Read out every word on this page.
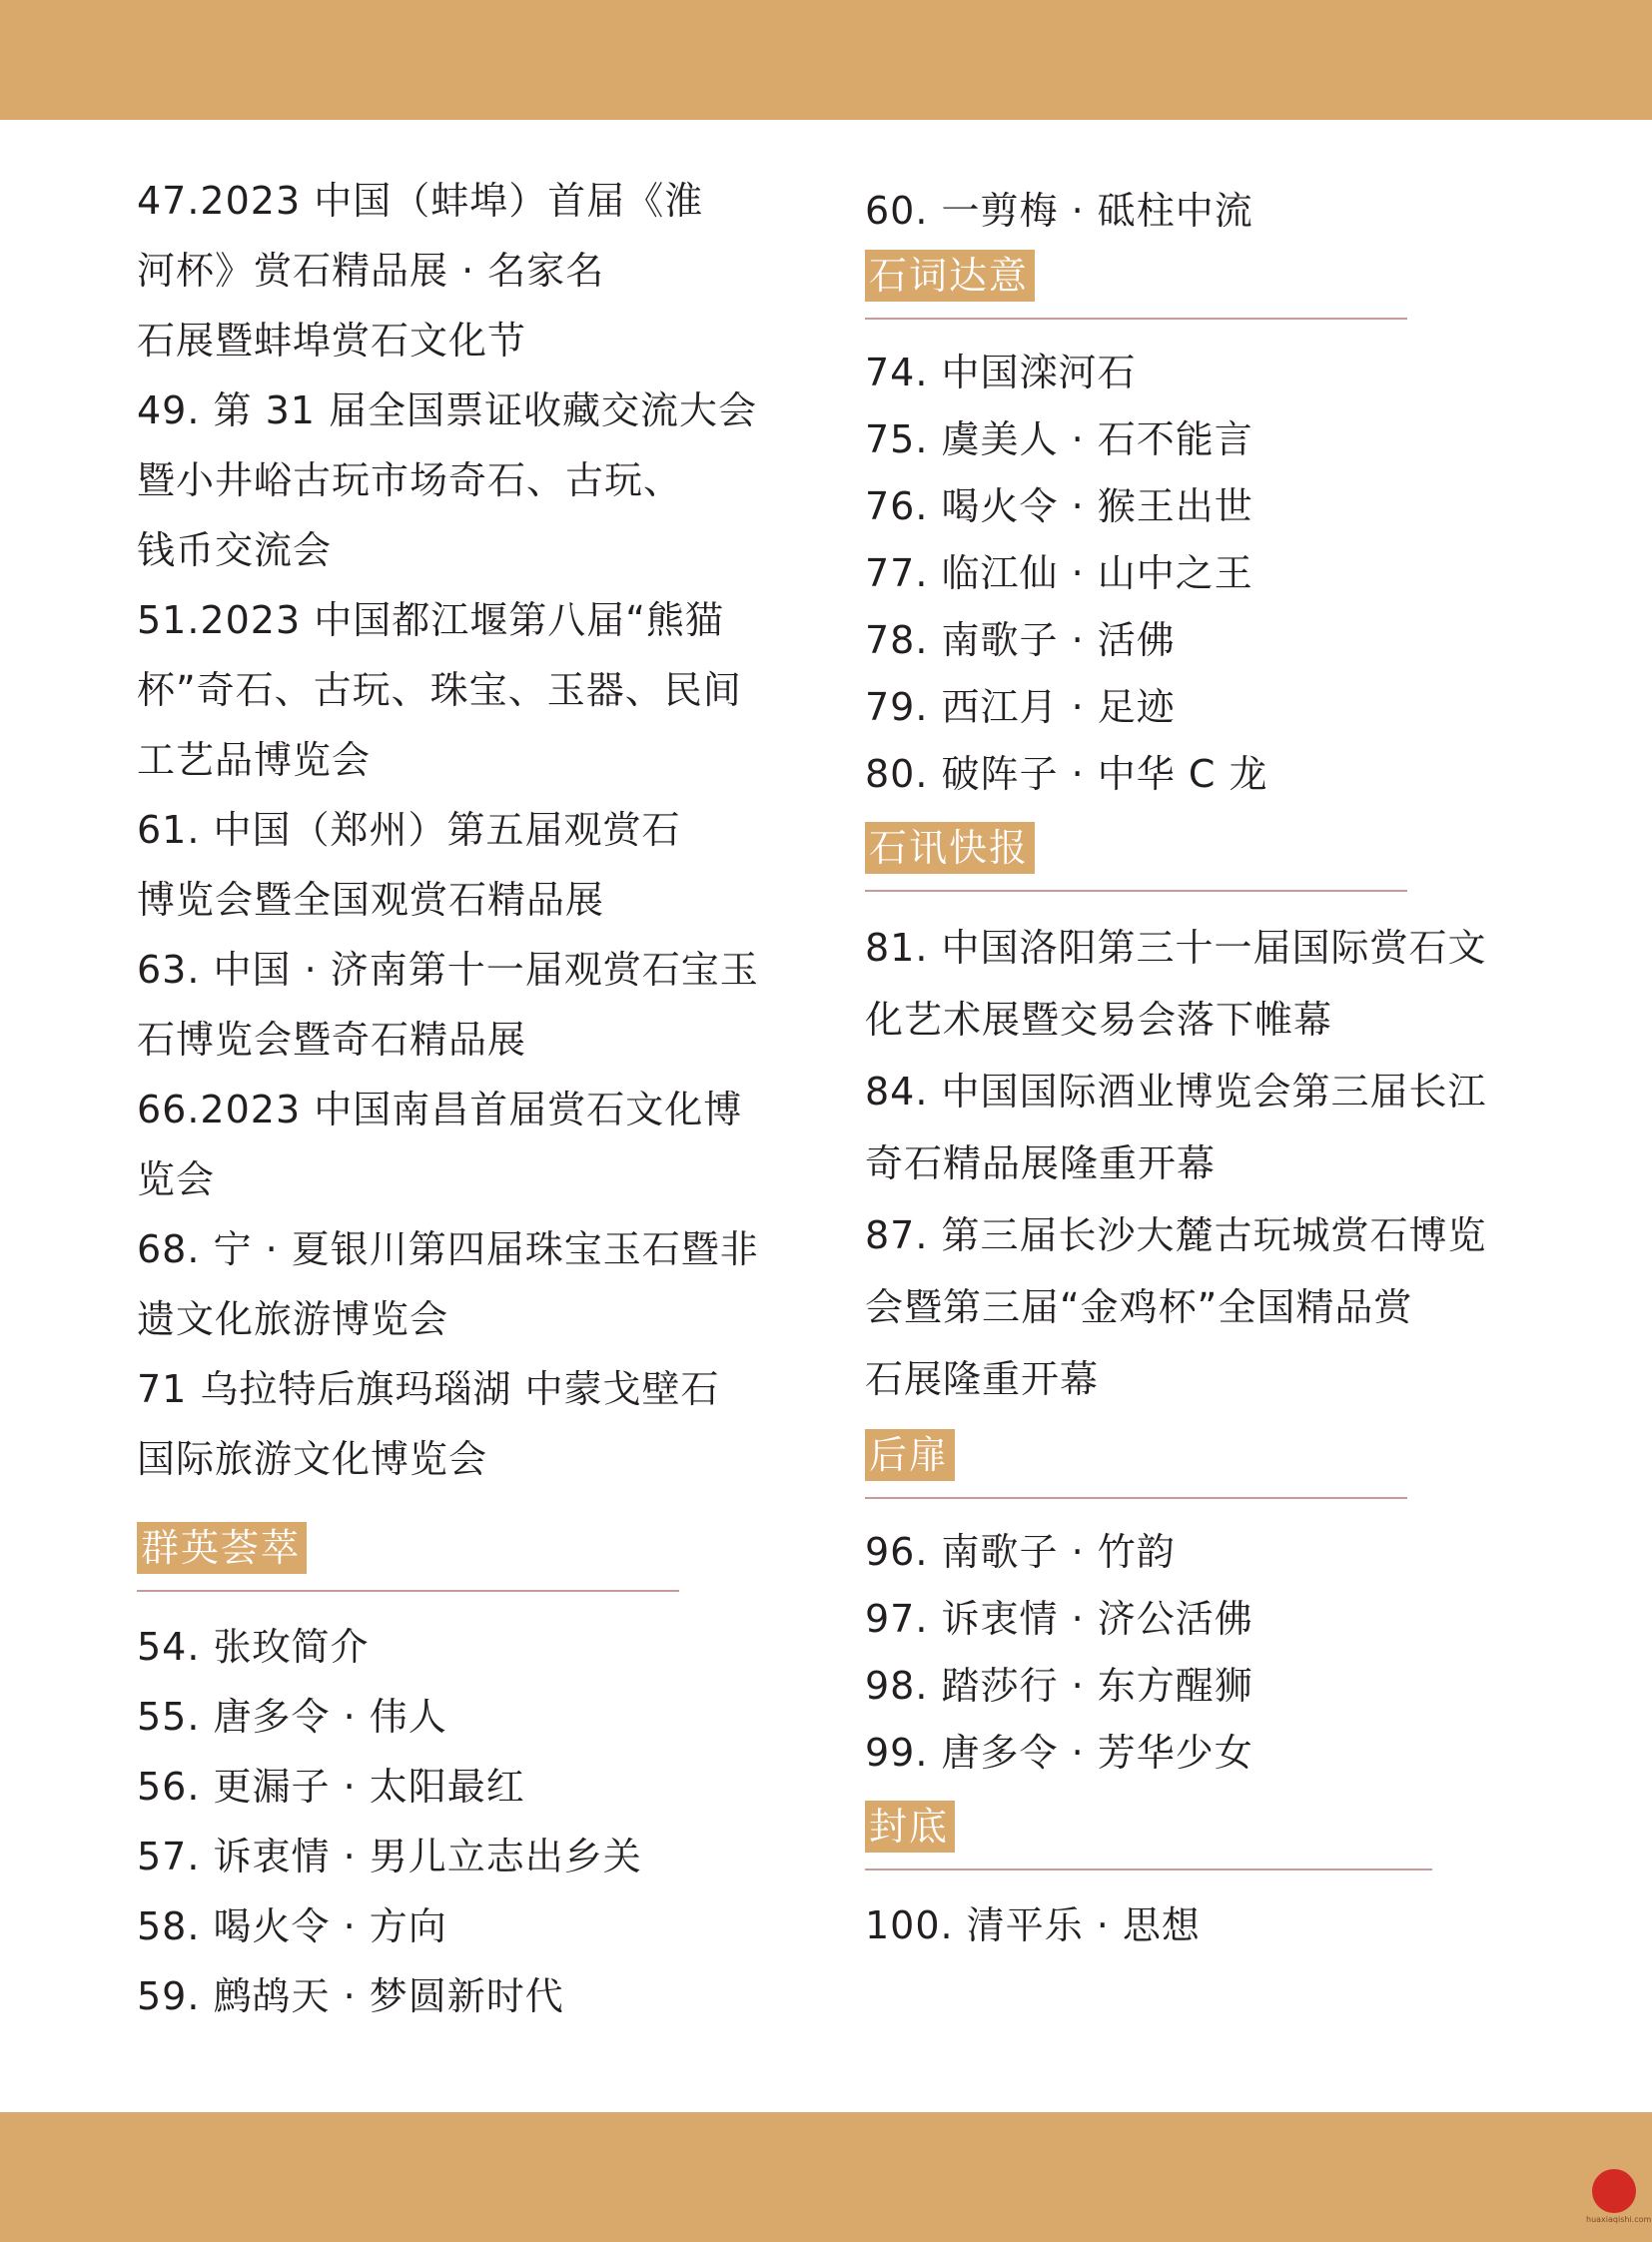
47.2023 中国（蚌埠）首届《淮
河杯》赏石精品展 · 名家名
石展暨蚌埠赏石文化节
49. 第 31 届全国票证收藏交流大会
暨小井峪古玩市场奇石、古玩、
钱币交流会
51.2023 中国都江堰第八届“熊猫
杯”奇石、古玩、珠宝、玉器、民间
工艺品博览会
61. 中国（郑州）第五届观赏石
博览会暨全国观赏石精品展
63. 中国 · 济南第十一届观赏石宝玉
石博览会暨奇石精品展
66.2023 中国南昌首届赏石文化博
览会
68. 宁 · 夏银川第四届珠宝玉石暨非
遗文化旅游博览会
71 乌拉特后旗玛瑙湖 中蒙戈壁石
国际旅游文化博览会
群英荟萃
54. 张玫简介
55. 唐多令 · 伟人
56. 更漏子 · 太阳最红
57. 诉衷情 · 男儿立志出乡关
58. 喝火令 · 方向
59. 鹧鸪天 · 梦圆新时代
60. 一剪梅 · 砥柱中流
石词达意
74. 中国滦河石
75. 虞美人 · 石不能言
76. 喝火令 · 猴王出世
77. 临江仙 · 山中之王
78. 南歌子 · 活佛
79. 西江月 · 足迹
80. 破阵子 · 中华 C 龙
石讯快报
81. 中国洛阳第三十一届国际赏石文
化艺术展暨交易会落下帷幕
84. 中国国际酒业博览会第三届长江
奇石精品展隆重开幕
87. 第三届长沙大麓古玩城赏石博览
会暨第三届“金鸡杯”全国精品赏
石展隆重开幕
后扉
96. 南歌子 · 竹韵
97. 诉衷情 · 济公活佛
98. 踏莎行 · 东方醒狮
99. 唐多令 · 芳华少女
封底
100. 清平乐 · 思想
huaxiaqishi.com
